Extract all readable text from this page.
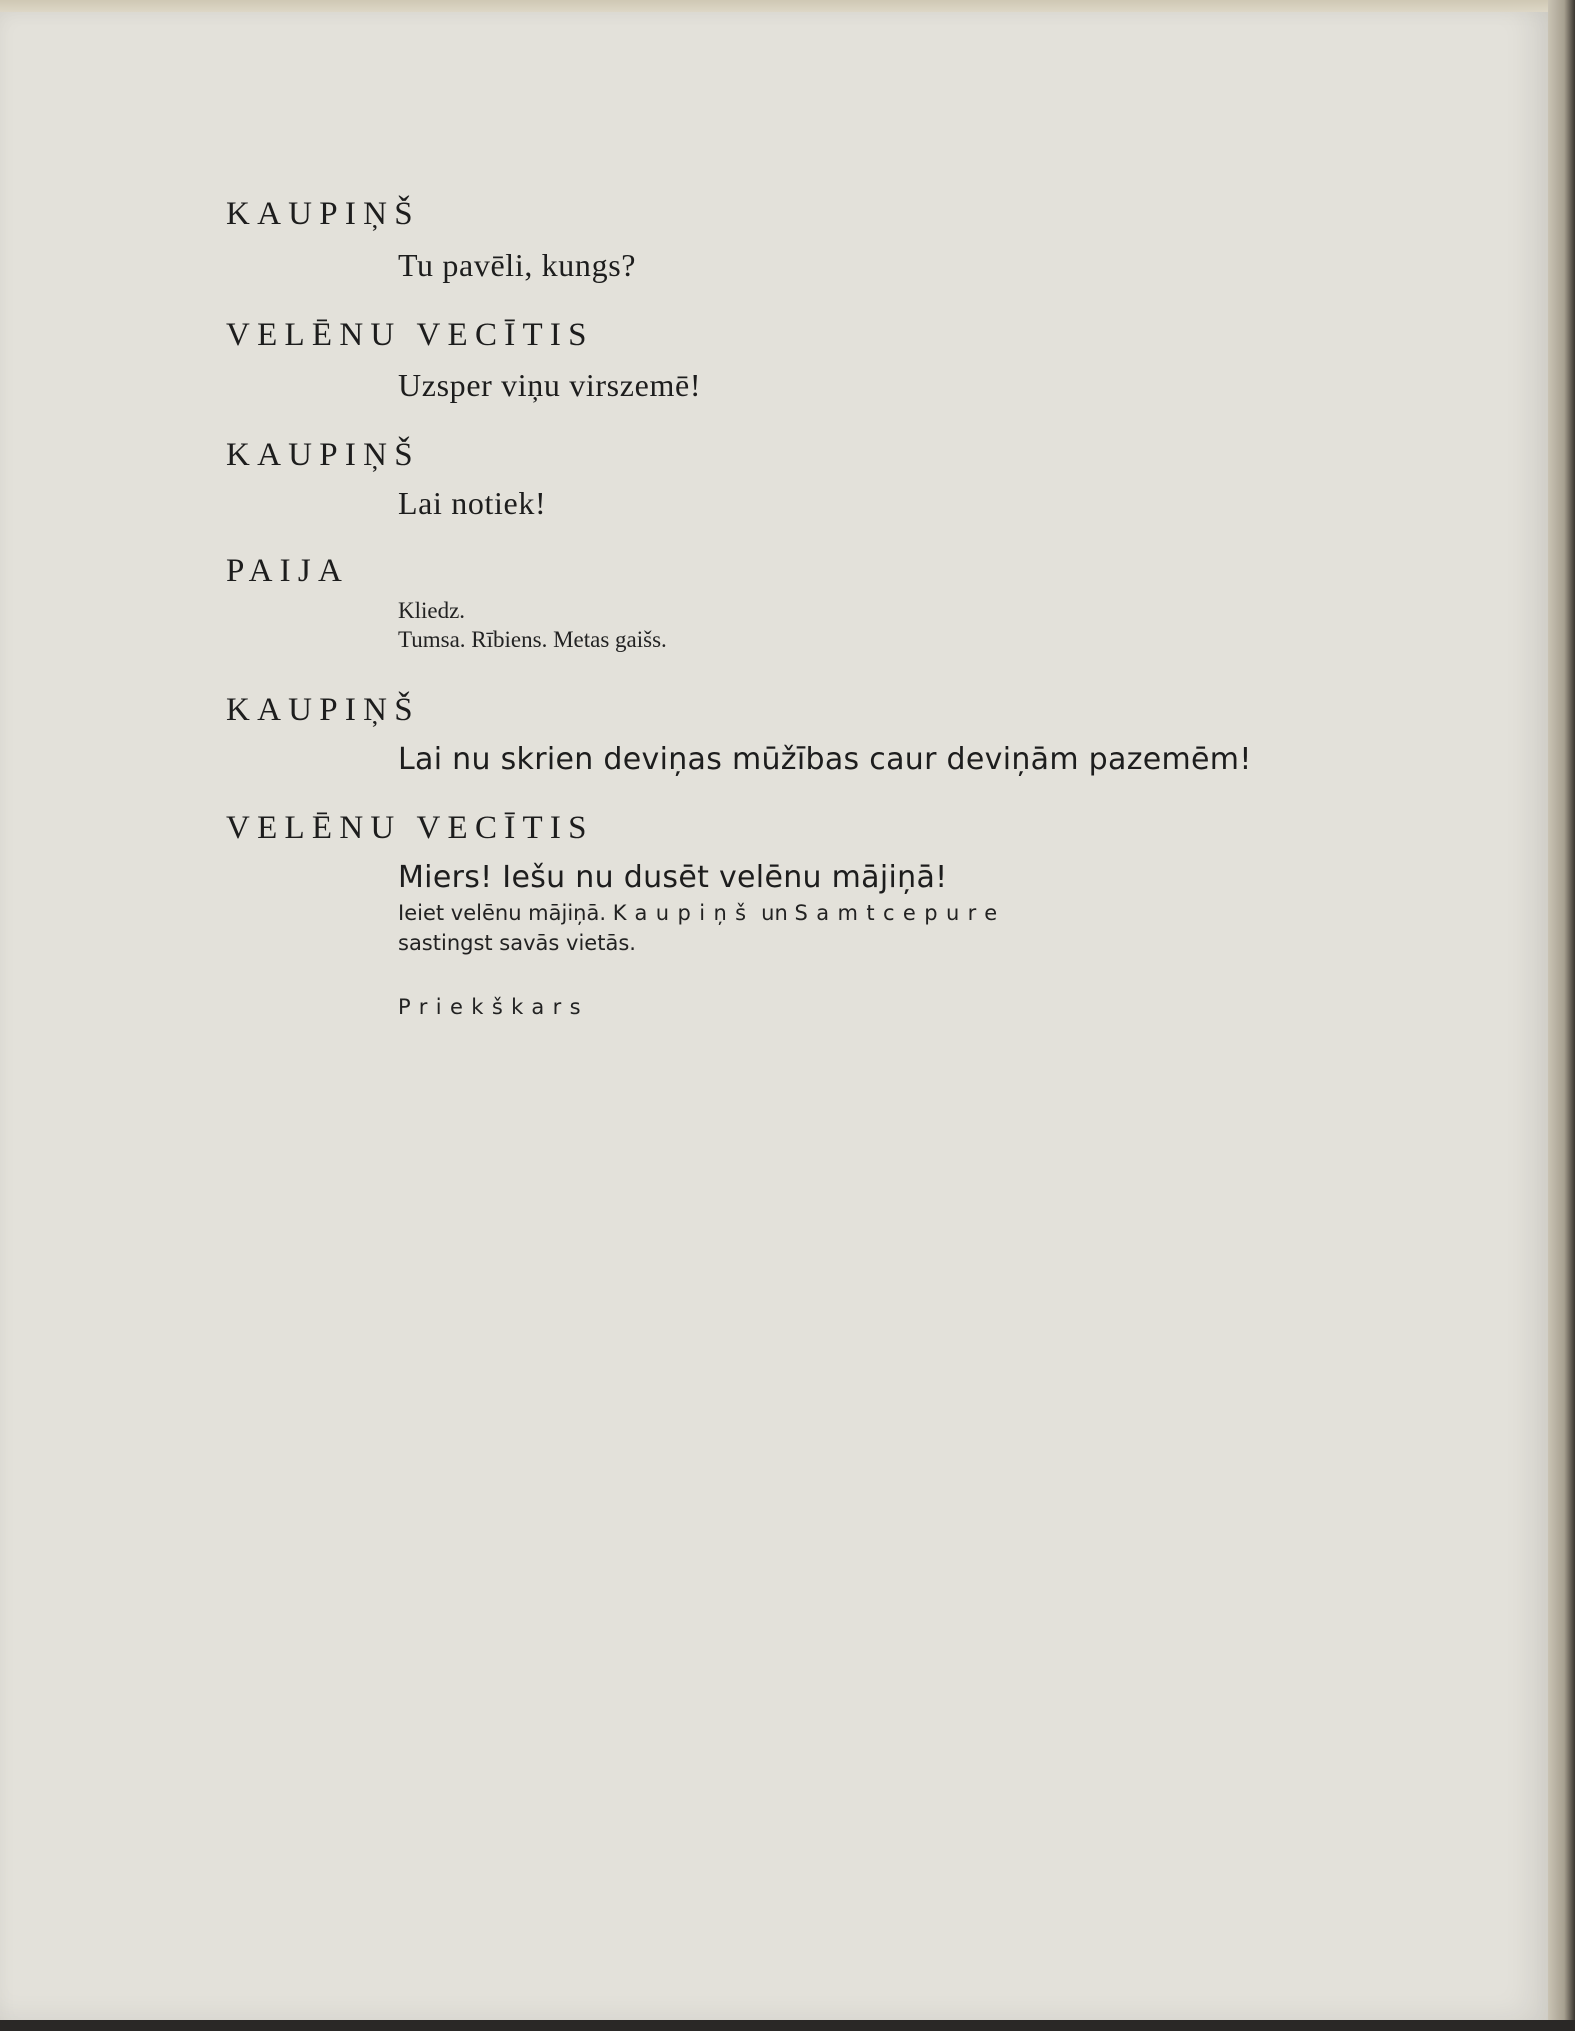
KAUPIŅŠ
Tu pavēli, kungs?
VELĒNU VECĪTIS
Uzsper viņu virszemē!
KAUPIŅŠ
Lai notiek!
PAIJA
Kliedz.
Tumsa. Rībiens. Metas gaišs.
KAUPIŅŠ
Lai nu skrien deviņas mūžības caur deviņām pazemēm!
VELĒNU VECĪTIS
Miers! Iešu nu dusēt velēnu mājiņā!
Ieiet velēnu mājiņā. Kaupiņš un Samtcepure
sastingst savās vietās.
Priekškars
